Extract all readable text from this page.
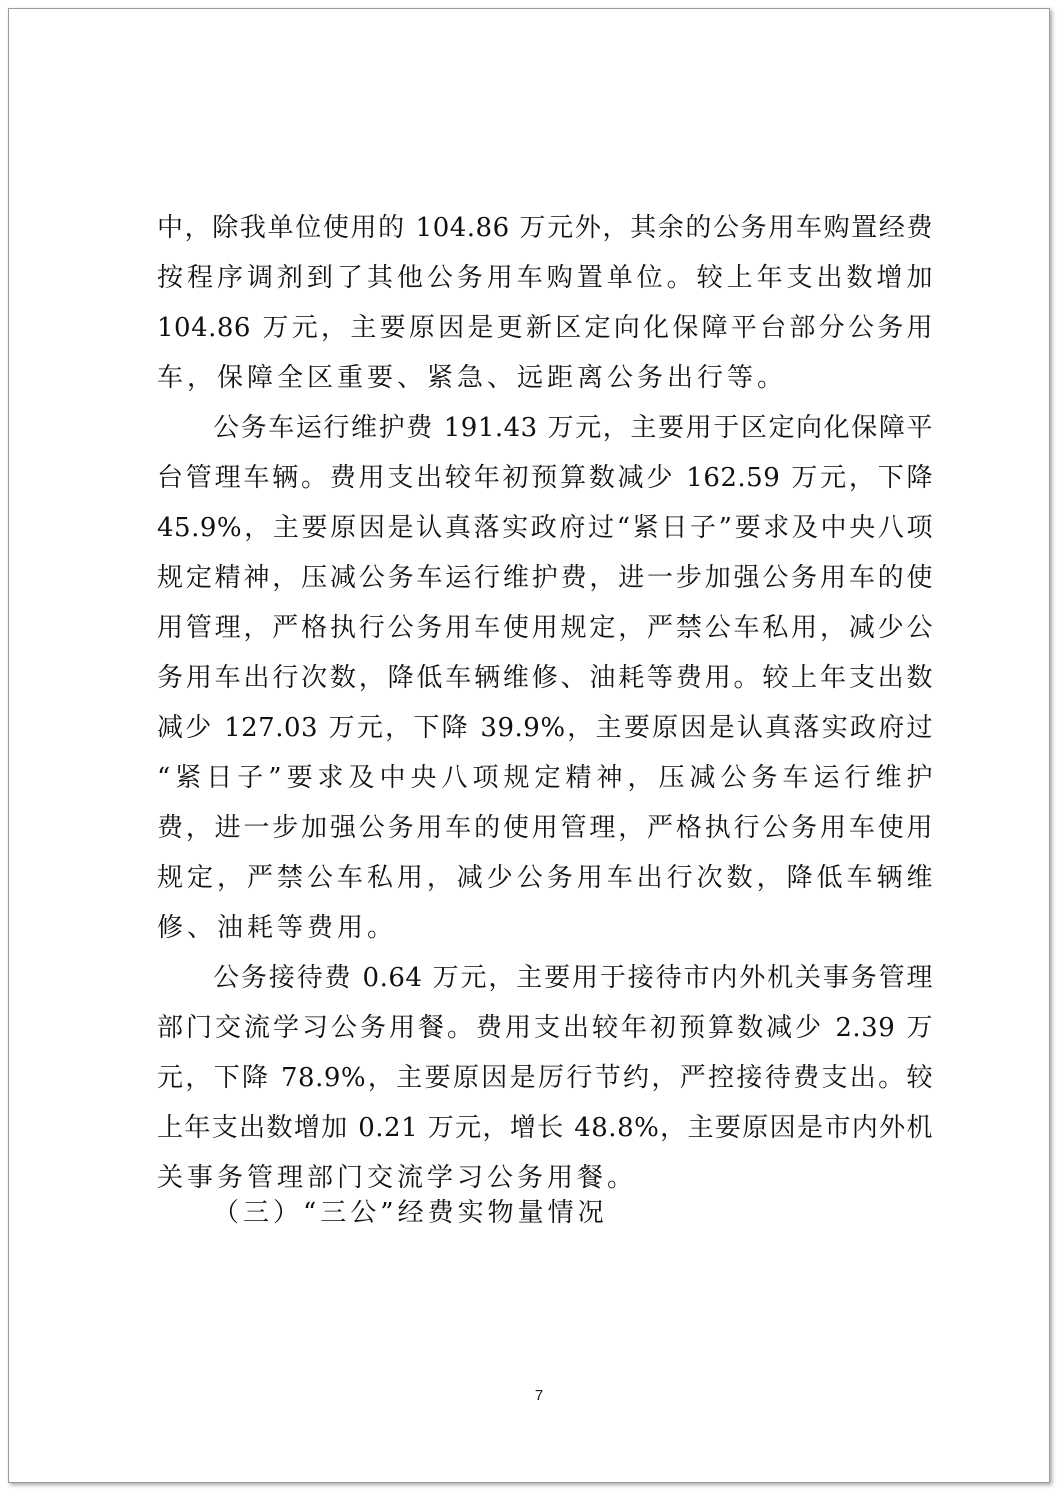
中，除我单位使用的 104.86 万元外，其余的公务用车购置经费
按程序调剂到了其他公务用车购置单位。较上年支出数增加
104.86 万元，主要原因是更新区定向化保障平台部分公务用
车，保障全区重要、紧急、远距离公务出行等。
公务车运行维护费 191.43 万元，主要用于区定向化保障平
台管理车辆。费用支出较年初预算数减少 162.59 万元，下降
45.9%，主要原因是认真落实政府过“紧日子”要求及中央八项
规定精神，压减公务车运行维护费，进一步加强公务用车的使
用管理，严格执行公务用车使用规定，严禁公车私用，减少公
务用车出行次数，降低车辆维修、油耗等费用。较上年支出数
减少 127.03 万元，下降 39.9%，主要原因是认真落实政府过
“紧日子”要求及中央八项规定精神，压减公务车运行维护
费，进一步加强公务用车的使用管理，严格执行公务用车使用
规定，严禁公车私用，减少公务用车出行次数，降低车辆维
修、油耗等费用。
公务接待费 0.64 万元，主要用于接待市内外机关事务管理
部门交流学习公务用餐。费用支出较年初预算数减少 2.39 万
元，下降 78.9%，主要原因是厉行节约，严控接待费支出。较
上年支出数增加 0.21 万元，增长 48.8%，主要原因是市内外机
关事务管理部门交流学习公务用餐。
（三）“三公”经费实物量情况
7
